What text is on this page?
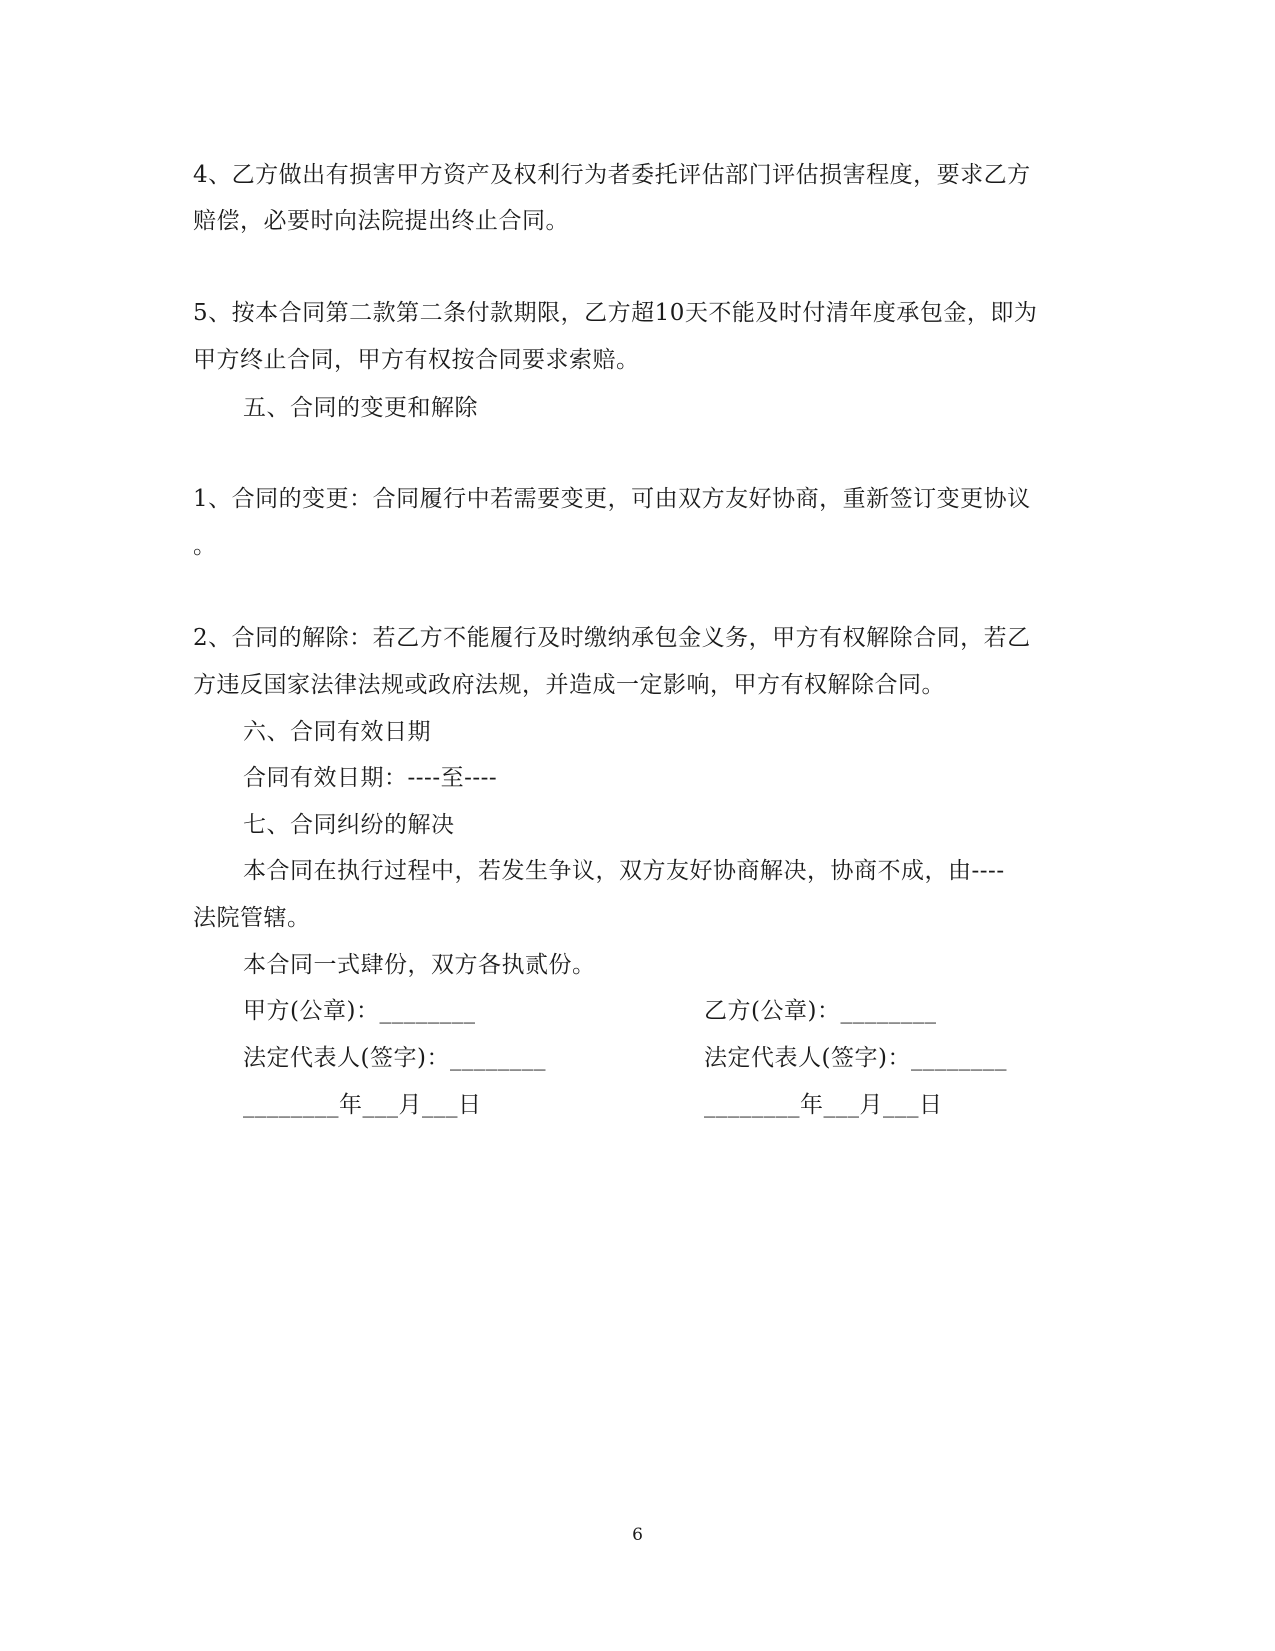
4、乙方做出有损害甲方资产及权利行为者委托评估部门评估损害程度，要求乙方
赔偿，必要时向法院提出终止合同。
5、按本合同第二款第二条付款期限，乙方超10天不能及时付清年度承包金，即为
甲方终止合同，甲方有权按合同要求索赔。
五、合同的变更和解除
1、合同的变更：合同履行中若需要变更，可由双方友好协商，重新签订变更协议
。
2、合同的解除：若乙方不能履行及时缴纳承包金义务，甲方有权解除合同，若乙
方违反国家法律法规或政府法规，并造成一定影响，甲方有权解除合同。
六、合同有效日期
合同有效日期：----至----
七、合同纠纷的解决
本合同在执行过程中，若发生争议，双方友好协商解决，协商不成，由----
法院管辖。
本合同一式肆份，双方各执贰份。
甲方(公章)：________	乙方(公章)：________
法定代表人(签字)：________	法定代表人(签字)：________
________年___月___日	________年___月___日
6
